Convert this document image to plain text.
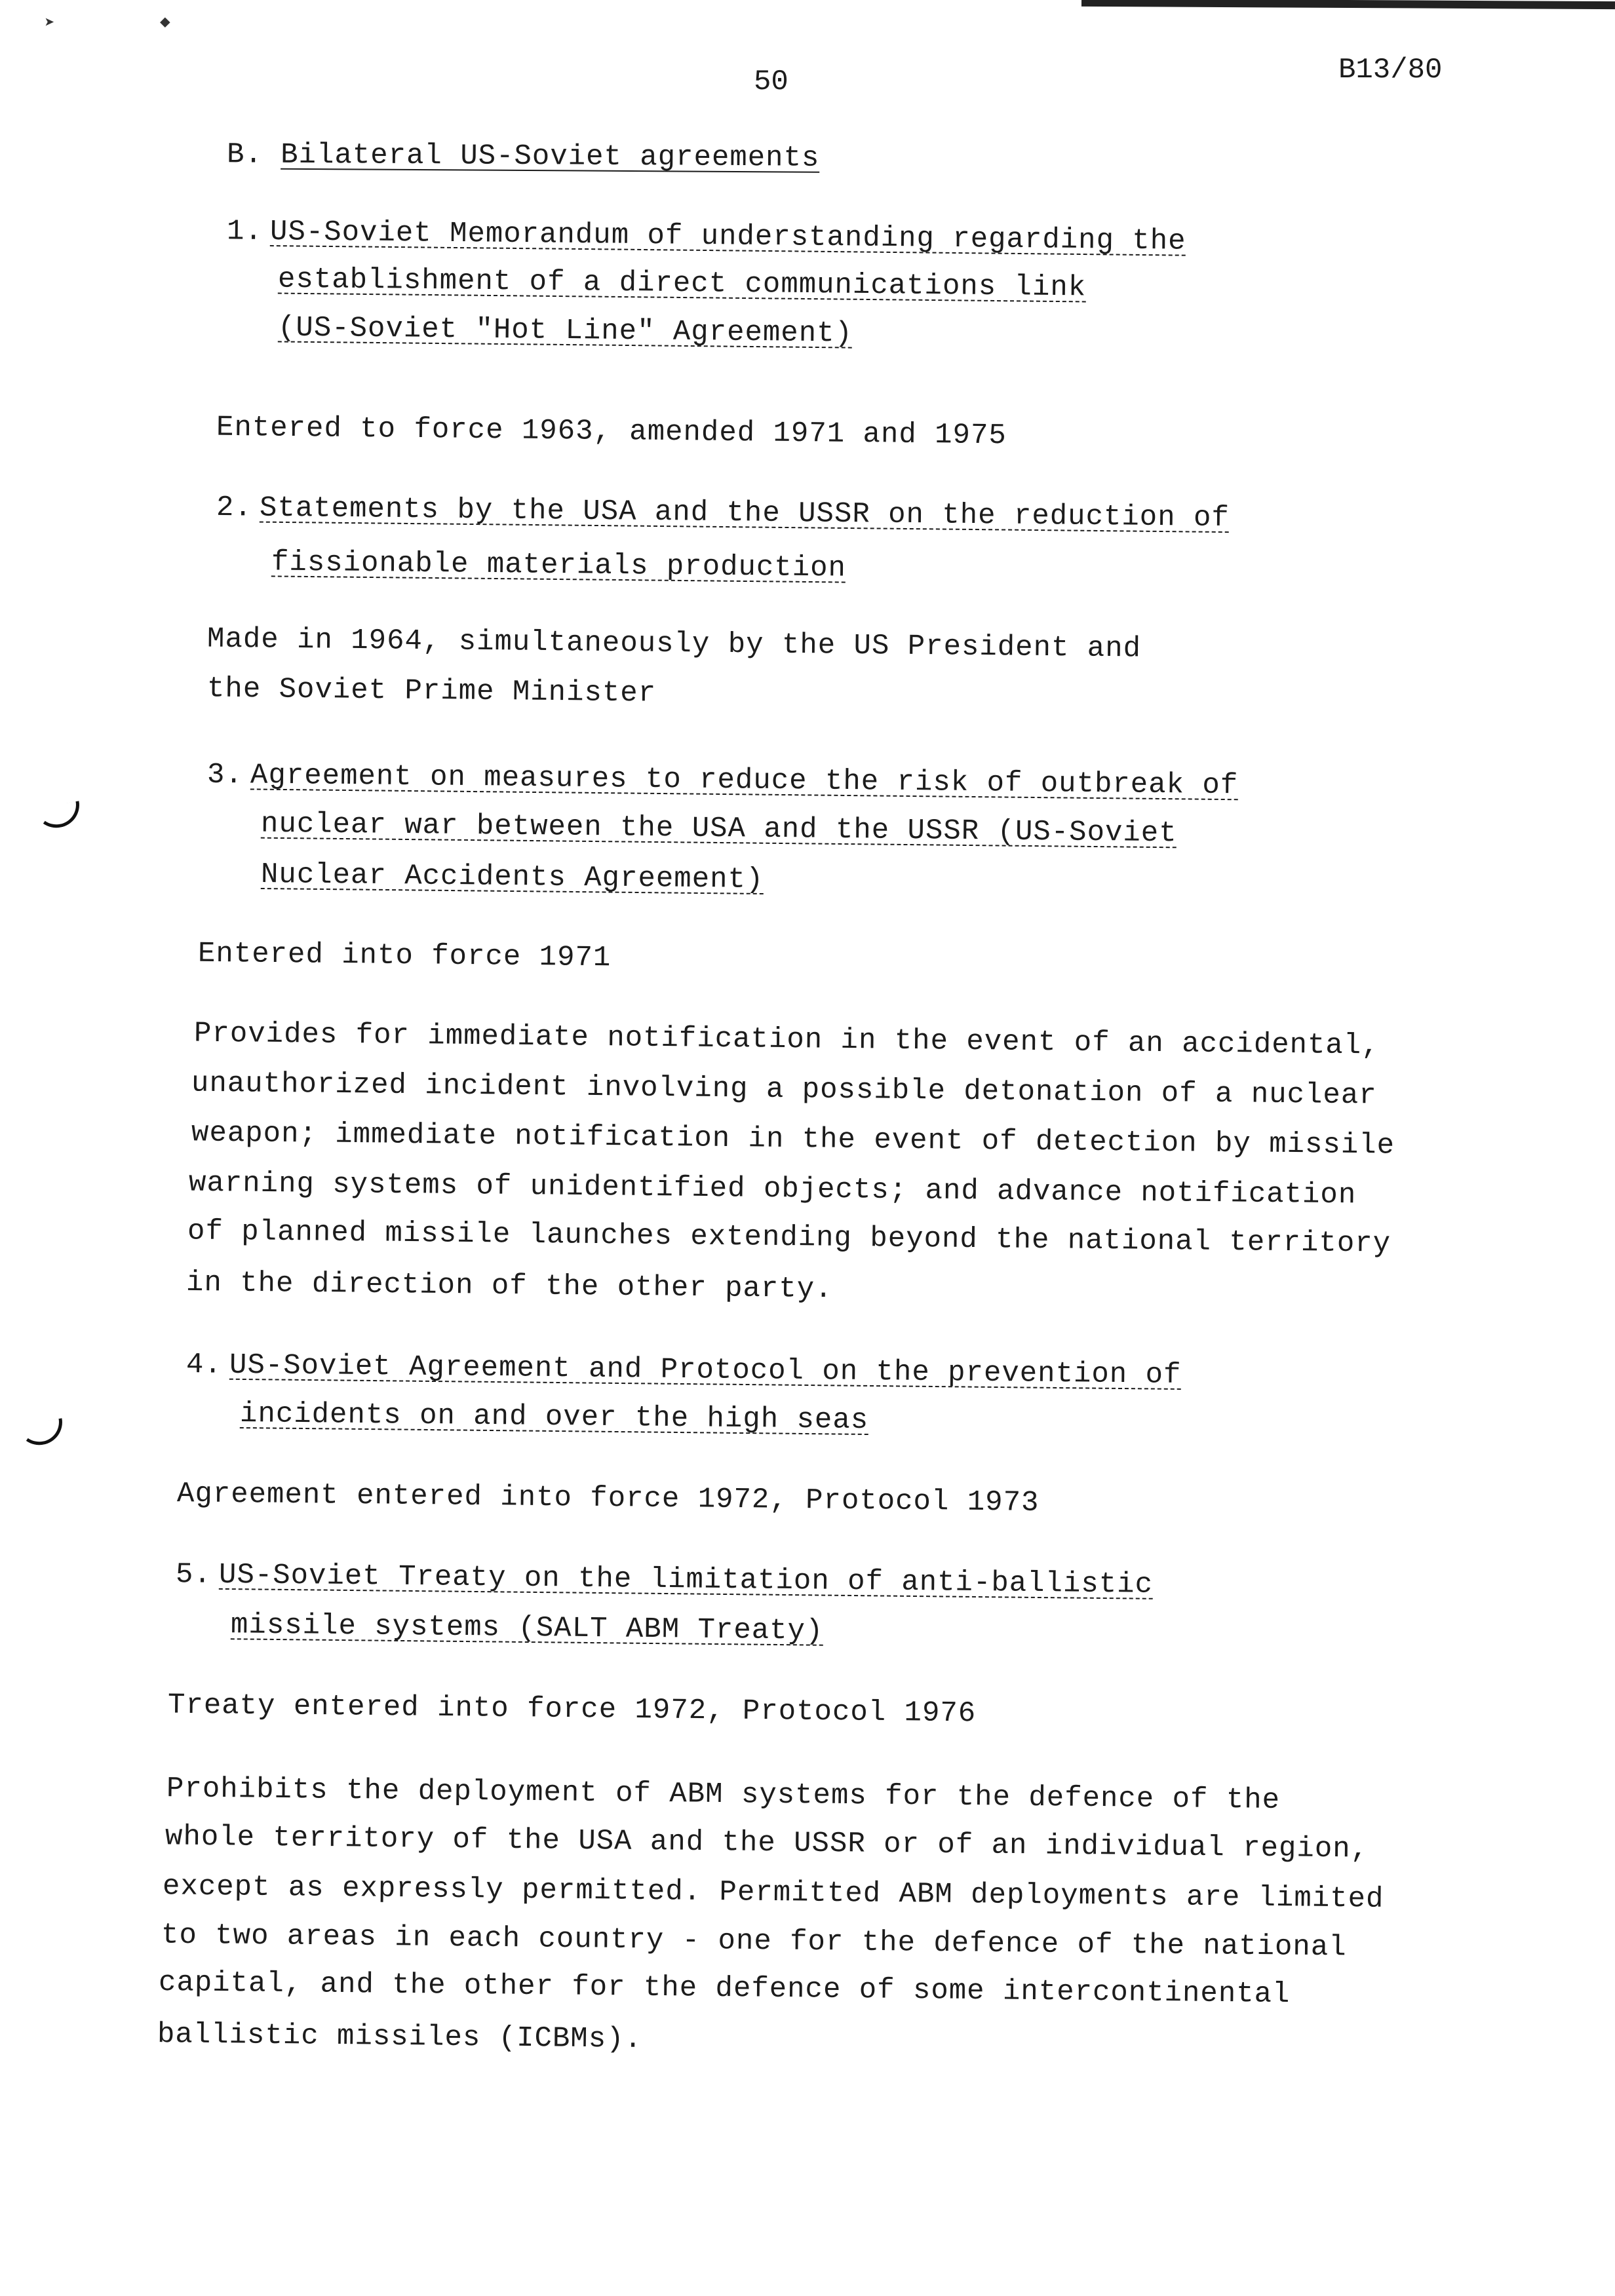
➤	◆
50	B13/80
B. Bilateral US-Soviet agreements
1. US-Soviet Memorandum of understanding regarding the
establishment of a direct communications link
(US-Soviet "Hot Line" Agreement)
Entered to force 1963, amended 1971 and 1975
2. Statements by the USA and the USSR on the reduction of
fissionable materials production
Made in 1964, simultaneously by the US President and
the Soviet Prime Minister
3. Agreement on measures to reduce the risk of outbreak of
nuclear war between the USA and the USSR (US-Soviet
Nuclear Accidents Agreement)
Entered into force 1971
Provides for immediate notification in the event of an accidental,
unauthorized incident involving a possible detonation of a nuclear
weapon; immediate notification in the event of detection by missile
warning systems of unidentified objects; and advance notification
of planned missile launches extending beyond the national territory
in the direction of the other party.
4. US-Soviet Agreement and Protocol on the prevention of
incidents on and over the high seas
Agreement entered into force 1972, Protocol 1973
5. US-Soviet Treaty on the limitation of anti-ballistic
missile systems (SALT ABM Treaty)
Treaty entered into force 1972, Protocol 1976
Prohibits the deployment of ABM systems for the defence of the
whole territory of the USA and the USSR or of an individual region,
except as expressly permitted. Permitted ABM deployments are limited
to two areas in each country - one for the defence of the national
capital, and the other for the defence of some intercontinental
ballistic missiles (ICBMs).
